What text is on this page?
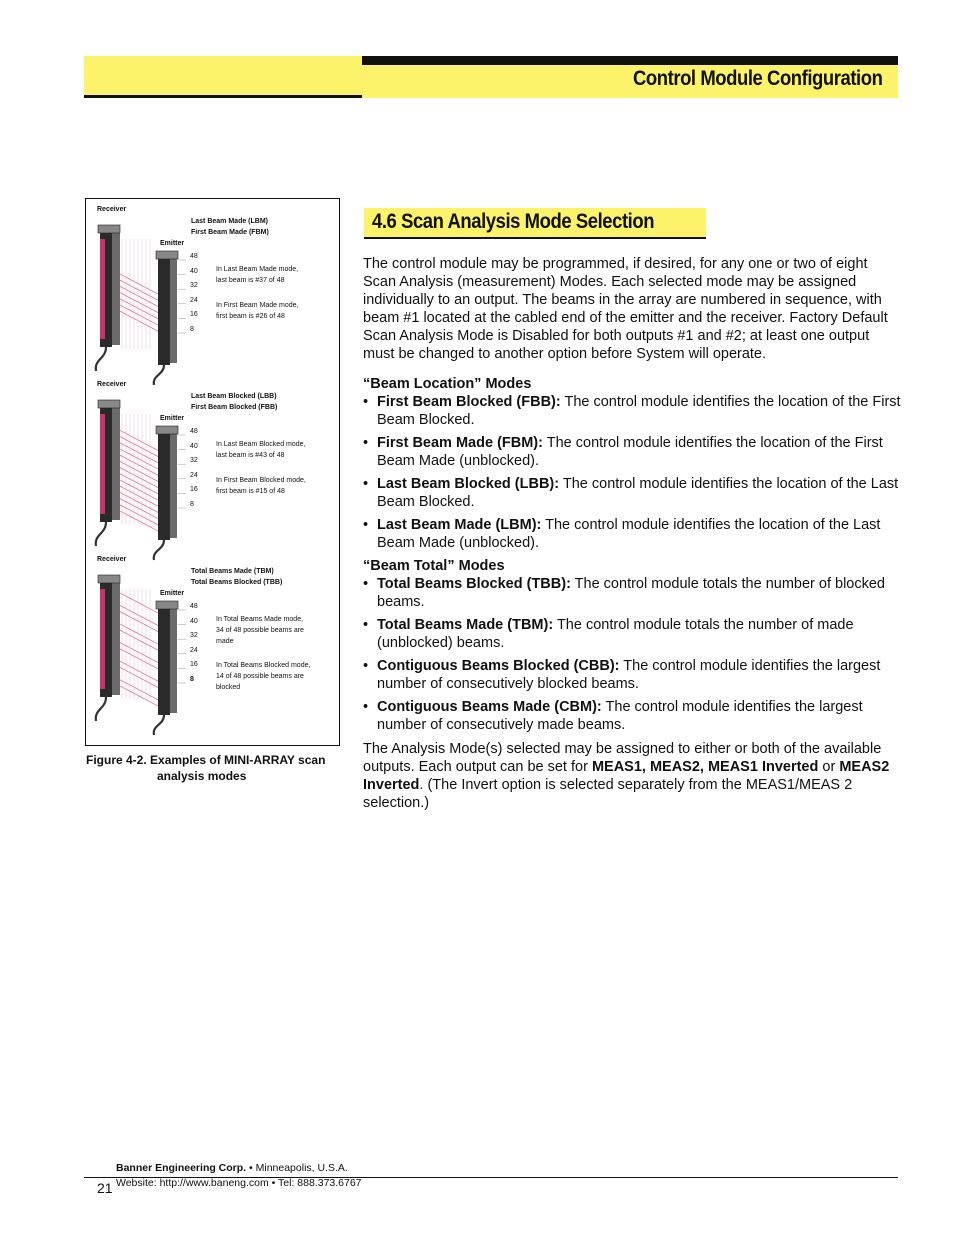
Control Module Configuration
Receiver
Last Beam Made (LBM)
First Beam Made (FBM)
Emitter
In Last Beam Made mode,
last beam is #37 of 48
In First Beam Made mode,
first beam is #26 of 48
48
40
32
24
16
8
Receiver
Last Beam Blocked (LBB)
First Beam Blocked (FBB)
Emitter
In Last Beam Blocked mode,
last beam is #43 of 48
In First Beam Blocked mode,
first beam is #15 of 48
48
40
32
24
16
8
Receiver
Total Beams Made (TBM)
Total Beams Blocked (TBB)
Emitter
In Total Beams Made mode,
34 of 48 possible beams are
In Total Beams Blocked mode,
14 of 48 possible beams are
made
blocked
48
40
32
24
16
8
Figure 4-2. Examples of MINI-ARRAY scan
analysis modes
4.6 Scan Analysis Mode Selection

The control module may be programmed, if desired, for any one or two of eight Scan Analysis (measurement) Modes. Each selected mode may be assigned individually to an output. The beams in the array are numbered in sequence, with beam #1 located at the cabled end of the emitter and the receiver. Factory Default Scan Analysis Mode is Disabled for both outputs #1 and #2; at least one output must be changed to another option before System will operate.

“Beam Location” Modes

• First Beam Blocked (FBB): The control module identifies the location of the First Beam Blocked.
• First Beam Made (FBM): The control module identifies the location of the First Beam Made (unblocked).
• Last Beam Blocked (LBB): The control module identifies the location of the Last Beam Blocked.
• Last Beam Made (LBM): The control module identifies the location of the Last Beam Made (unblocked).

“Beam Total” Modes

• Total Beams Blocked (TBB): The control module totals the number of blocked beams.
• Total Beams Made (TBM): The control module totals the number of made (unblocked) beams.
• Contiguous Beams Blocked (CBB): The control module identifies the largest number of consecutively blocked beams.
• Contiguous Beams Made (CBM): The control module identifies the largest number of consecutively made beams.

The Analysis Mode(s) selected may be assigned to either or both of the available outputs. Each output can be set for MEAS1, MEAS2, MEAS1 Inverted or MEAS2 Inverted. (The Invert option is selected separately from the MEAS1/MEAS 2 selection.)

Banner Engineering Corp. • Minneapolis, U.S.A.
21 Website: http://www.baneng.com • Tel: 888.373.6767
